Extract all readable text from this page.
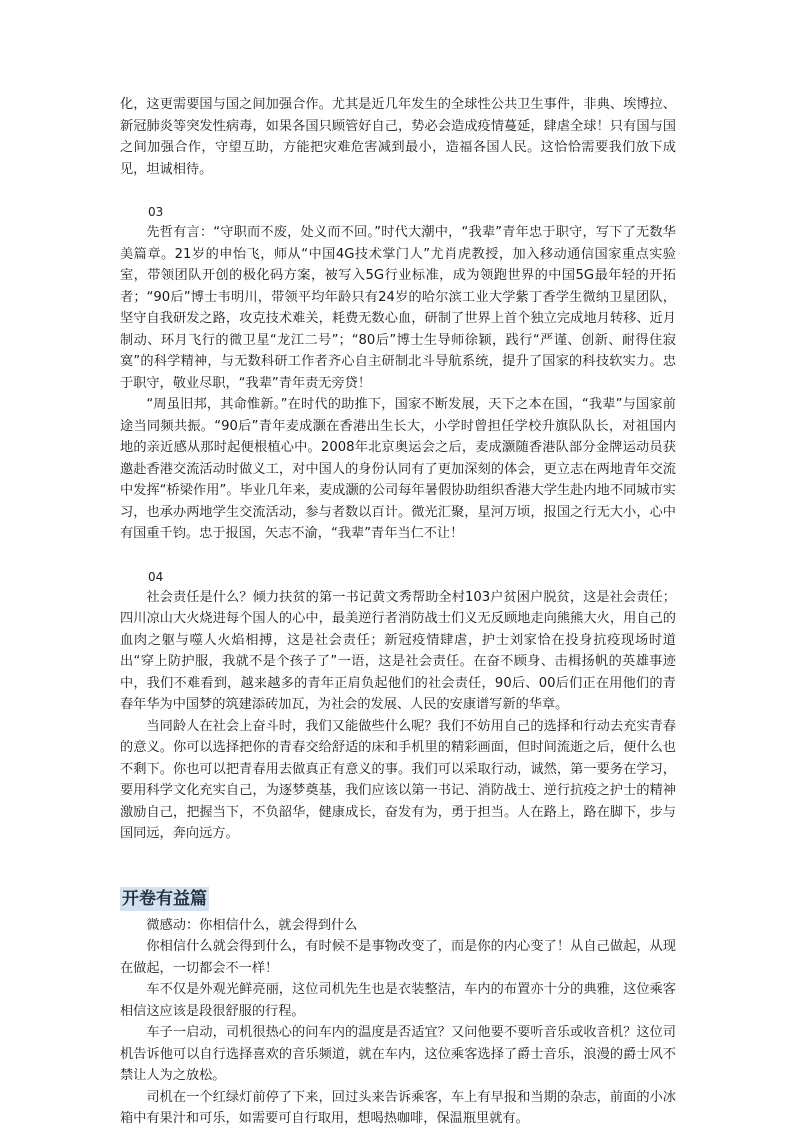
化，这更需要国与国之间加强合作。尤其是近几年发生的全球性公共卫生事件，非典、埃博拉、新冠肺炎等突发性病毒，如果各国只顾管好自己，势必会造成疫情蔓延，肆虐全球！只有国与国之间加强合作，守望互助，方能把灾难危害减到最小，造福各国人民。这恰恰需要我们放下成见，坦诚相待。

03

先哲有言：“守职而不废，处义而不回。”时代大潮中，“我辈”青年忠于职守，写下了无数华美篇章。21岁的申怡飞，师从“中国4G技术掌门人”尤肖虎教授，加入移动通信国家重点实验室，带领团队开创的极化码方案，被写入5G行业标准，成为领跑世界的中国5G最年轻的开拓者；“90后”博士韦明川，带领平均年龄只有24岁的哈尔滨工业大学紫丁香学生微纳卫星团队，坚守自我研发之路，攻克技术难关，耗费无数心血，研制了世界上首个独立完成地月转移、近月制动、环月飞行的微卫星“龙江二号”；“80后”博士生导师徐颖，践行“严谨、创新、耐得住寂寞”的科学精神，与无数科研工作者齐心自主研制北斗导航系统，提升了国家的科技软实力。忠于职守，敬业尽职，“我辈”青年责无旁贷！

“周虽旧邦，其命惟新。”在时代的助推下，国家不断发展，天下之本在国，“我辈”与国家前途当同频共振。“90后”青年麦成灏在香港出生长大，小学时曾担任学校升旗队队长，对祖国内地的亲近感从那时起便根植心中。2008年北京奥运会之后，麦成灏随香港队部分金牌运动员获邀赴香港交流活动时做义工，对中国人的身份认同有了更加深刻的体会，更立志在两地青年交流中发挥“桥梁作用”。毕业几年来，麦成灏的公司每年暑假协助组织香港大学生赴内地不同城市实习，也承办两地学生交流活动，参与者数以百计。微光汇聚，星河万顷，报国之行无大小，心中有国重千钧。忠于报国，矢志不渝，“我辈”青年当仁不让！

04

社会责任是什么？倾力扶贫的第一书记黄文秀帮助全村103户贫困户脱贫，这是社会责任；四川凉山大火烧进每个国人的心中，最美逆行者消防战士们义无反顾地走向熊熊大火，用自己的血肉之躯与噬人火焰相搏，这是社会责任；新冠疫情肆虐，护士刘家恰在投身抗疫现场时道出“穿上防护服，我就不是个孩子了”一语，这是社会责任。在奋不顾身、击楫扬帆的英雄事迹中，我们不难看到，越来越多的青年正肩负起他们的社会责任，90后、00后们正在用他们的青春年华为中国梦的筑建添砖加瓦，为社会的发展、人民的安康谱写新的华章。

当同龄人在社会上奋斗时，我们又能做些什么呢？我们不妨用自己的选择和行动去充实青春的意义。你可以选择把你的青春交给舒适的床和手机里的精彩画面，但时间流逝之后，便什么也不剩下。你也可以把青春用去做真正有意义的事。我们可以采取行动，诚然，第一要务在学习，要用科学文化充实自己，为逐梦奠基，我们应该以第一书记、消防战士、逆行抗疫之护士的精神激励自己，把握当下，不负韶华，健康成长，奋发有为，勇于担当。人在路上，路在脚下，步与国同远，奔向远方。

开卷有益篇

微感动：你相信什么，就会得到什么

你相信什么就会得到什么，有时候不是事物改变了，而是你的内心变了！从自己做起，从现在做起，一切都会不一样！

车不仅是外观光鲜亮丽，这位司机先生也是衣装整洁，车内的布置亦十分的典雅，这位乘客相信这应该是段很舒服的行程。

车子一启动，司机很热心的问车内的温度是否适宜？又问他要不要听音乐或收音机？这位司机告诉他可以自行选择喜欢的音乐频道，就在车内，这位乘客选择了爵士音乐，浪漫的爵士风不禁让人为之放松。

司机在一个红绿灯前停了下来，回过头来告诉乘客，车上有早报和当期的杂志，前面的小冰箱中有果汁和可乐，如需要可自行取用，想喝热咖啡，保温瓶里就有。
